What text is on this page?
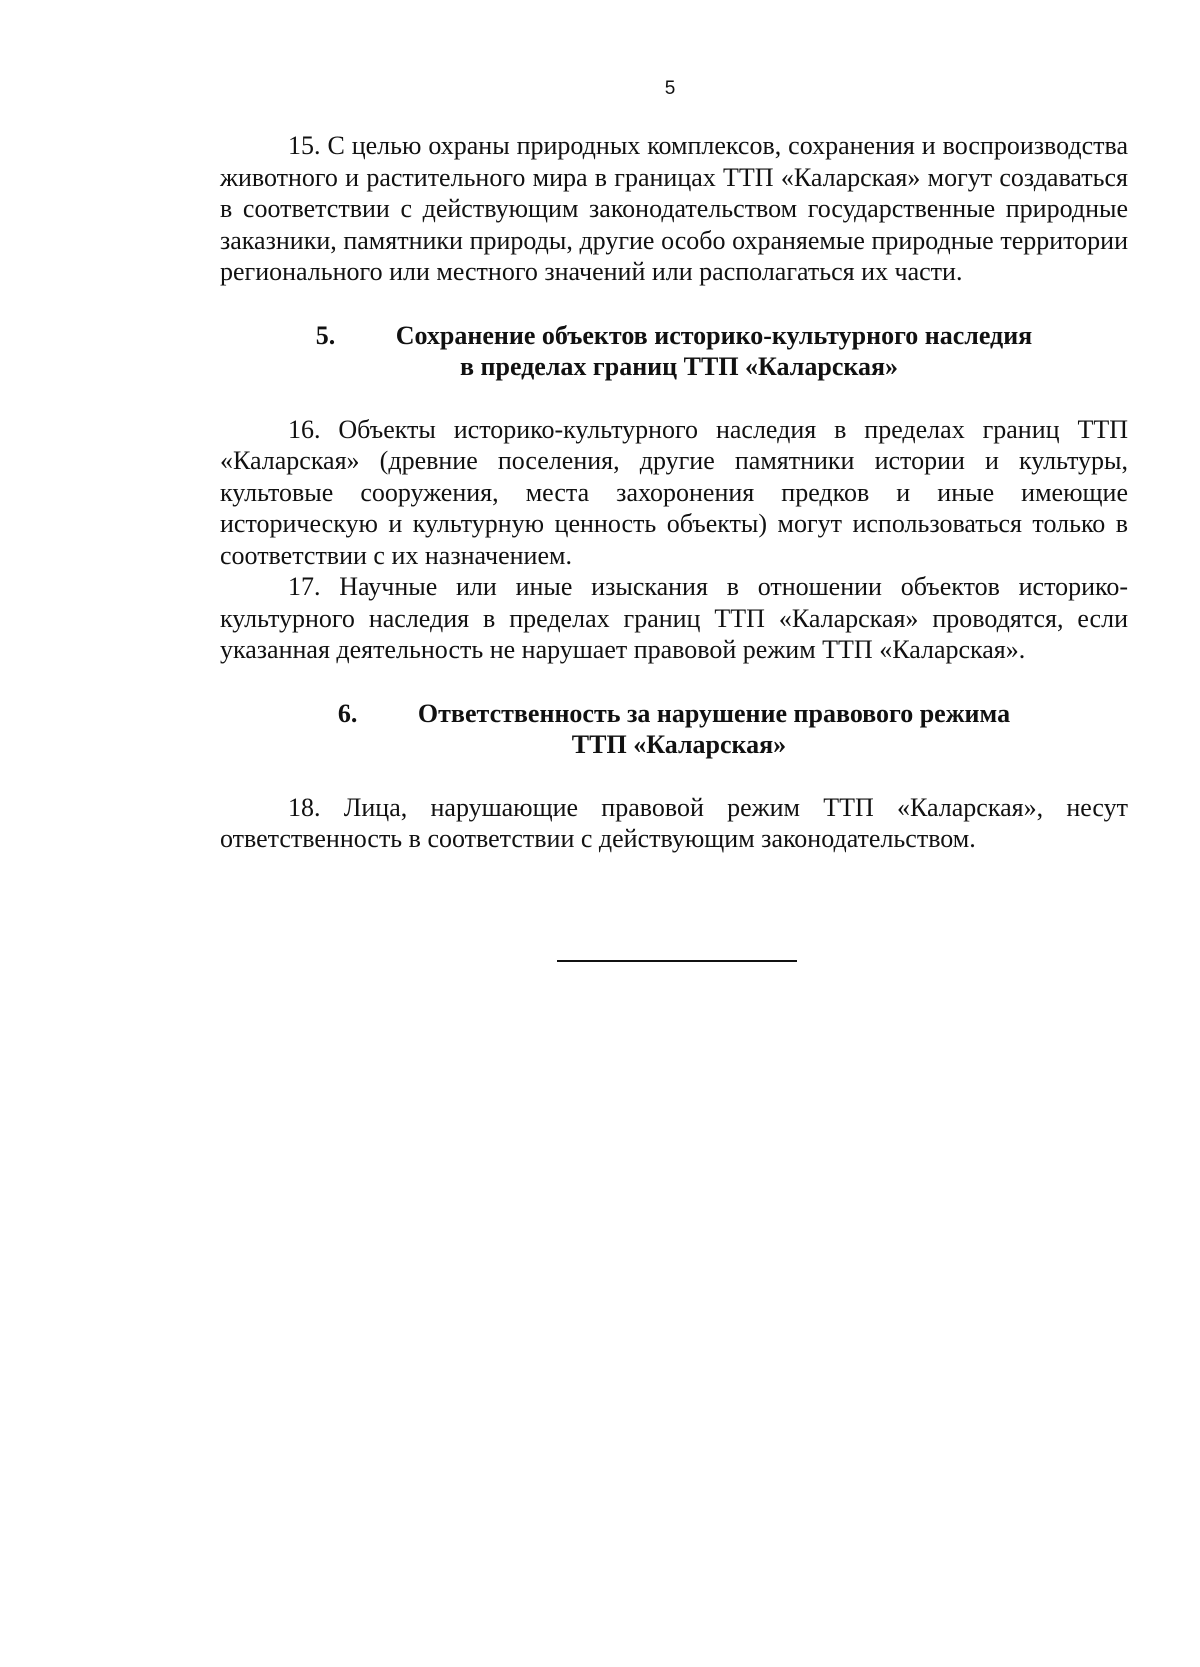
5

15. С целью охраны природных комплексов, сохранения и воспроизводства животного и растительного мира в границах ТТП «Каларская» могут создаваться в соответствии с действующим законодательством государственные природные заказники, памятники природы, другие особо охраняемые природные территории регионального или местного значений или располагаться их части.

5. Сохранение объектов историко-культурного наследия
в пределах границ ТТП «Каларская»

16. Объекты историко-культурного наследия в пределах границ ТТП «Каларская» (древние поселения, другие памятники истории и культуры, культовые сооружения, места захоронения предков и иные имеющие историческую и культурную ценность объекты) могут использоваться только в соответствии с их назначением.

17. Научные или иные изыскания в отношении объектов историко-культурного наследия в пределах границ ТТП «Каларская» проводятся, если указанная деятельность не нарушает правовой режим ТТП «Каларская».

6. Ответственность за нарушение правового режима
ТТП «Каларская»

18. Лица, нарушающие правовой режим ТТП «Каларская», несут ответственность в соответствии с действующим законодательством.
